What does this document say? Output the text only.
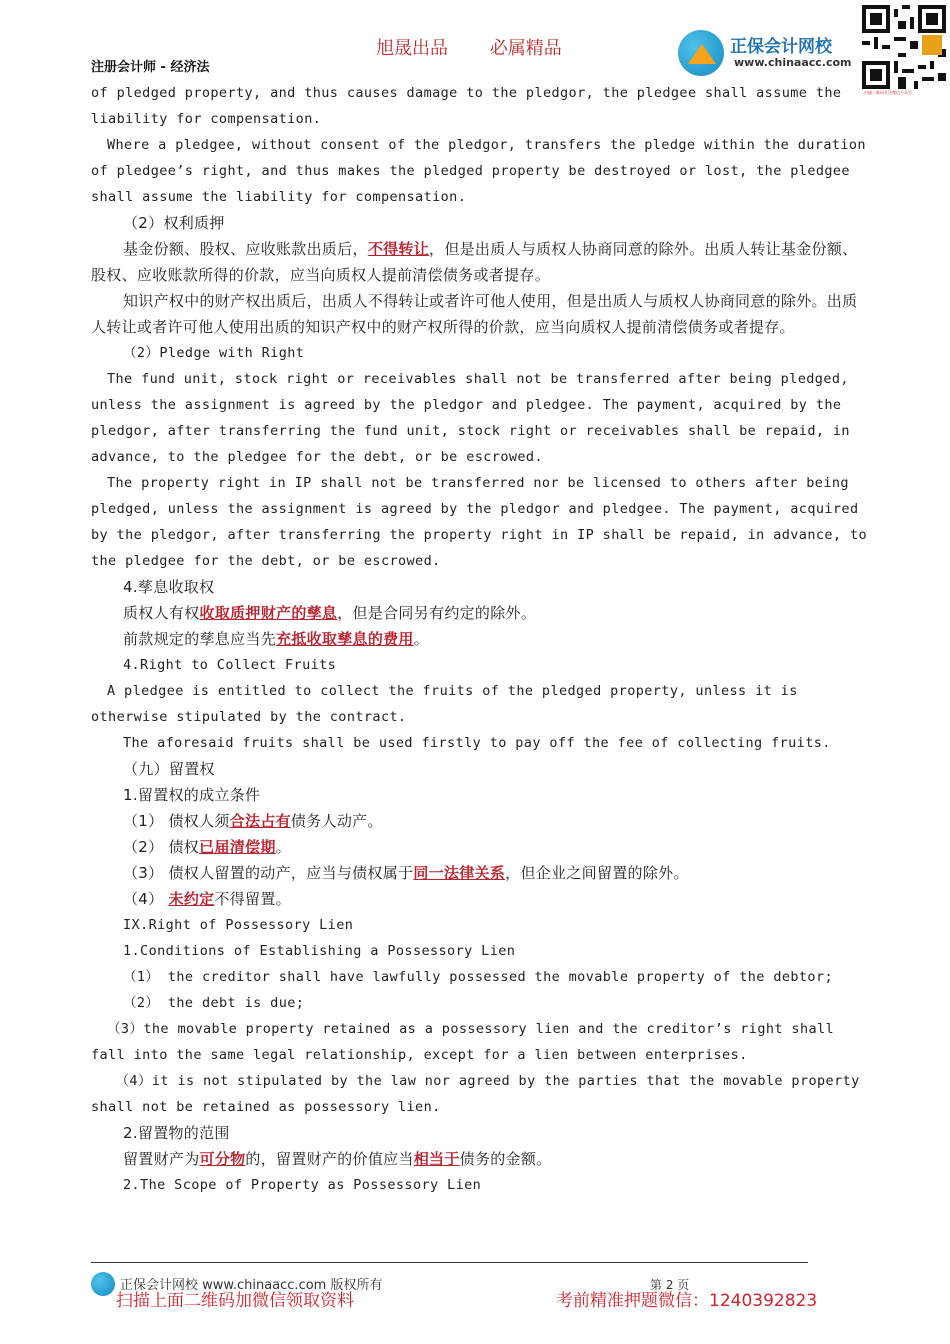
旭晟出品 必属精品
注册会计师 - 经济法
正保会计网校
www.chinaacc.com
扫描二维码关注微信公众号

of pledged property, and thus causes damage to the pledgor, the pledgee shall assume the liability for compensation.

Where a pledgee, without consent of the pledgor, transfers the pledge within the duration of pledgee’s right, and thus makes the pledged property be destroyed or lost, the pledgee shall assume the liability for compensation.

（2）权利质押

基金份额、股权、应收账款出质后，不得转让，但是出质人与质权人协商同意的除外。出质人转让基金份额、股权、应收账款所得的价款，应当向质权人提前清偿债务或者提存。

知识产权中的财产权出质后，出质人不得转让或者许可他人使用，但是出质人与质权人协商同意的除外。出质人转让或者许可他人使用出质的知识产权中的财产权所得的价款，应当向质权人提前清偿债务或者提存。

（2）Pledge with Right

The fund unit, stock right or receivables shall not be transferred after being pledged, unless the assignment is agreed by the pledgor and pledgee. The payment, acquired by the pledgor, after transferring the fund unit, stock right or receivables shall be repaid, in advance, to the pledgee for the debt, or be escrowed.

The property right in IP shall not be transferred nor be licensed to others after being pledged, unless the assignment is agreed by the pledgor and pledgee. The payment, acquired by the pledgor, after transferring the property right in IP shall be repaid, in advance, to the pledgee for the debt, or be escrowed.

4.孳息收取权

质权人有权收取质押财产的孳息，但是合同另有约定的除外。

前款规定的孳息应当先充抵收取孳息的费用。

4.Right to Collect Fruits

A pledgee is entitled to collect the fruits of the pledged property, unless it is otherwise stipulated by the contract.

The aforesaid fruits shall be used firstly to pay off the fee of collecting fruits.

（九）留置权

1.留置权的成立条件

（1） 债权人须合法占有债务人动产。

（2） 债权已届清偿期。

（3） 债权人留置的动产，应当与债权属于同一法律关系，但企业之间留置的除外。

（4） 未约定不得留置。

IX.Right of Possessory Lien

1.Conditions of Establishing a Possessory Lien

（1） the creditor shall have lawfully possessed the movable property of the debtor;

（2） the debt is due;

（3）the movable property retained as a possessory lien and the creditor’s right shall fall into the same legal relationship, except for a lien between enterprises.

（4）it is not stipulated by the law nor agreed by the parties that the movable property shall not be retained as possessory lien.

2.留置物的范围

留置财产为可分物的，留置财产的价值应当相当于债务的金额。

2.The Scope of Property as Possessory Lien

正保会计网校 www.chinaacc.com 版权所有	第 2 页
扫描上面二维码加微信领取资料	考前精准押题微信：1240392823
